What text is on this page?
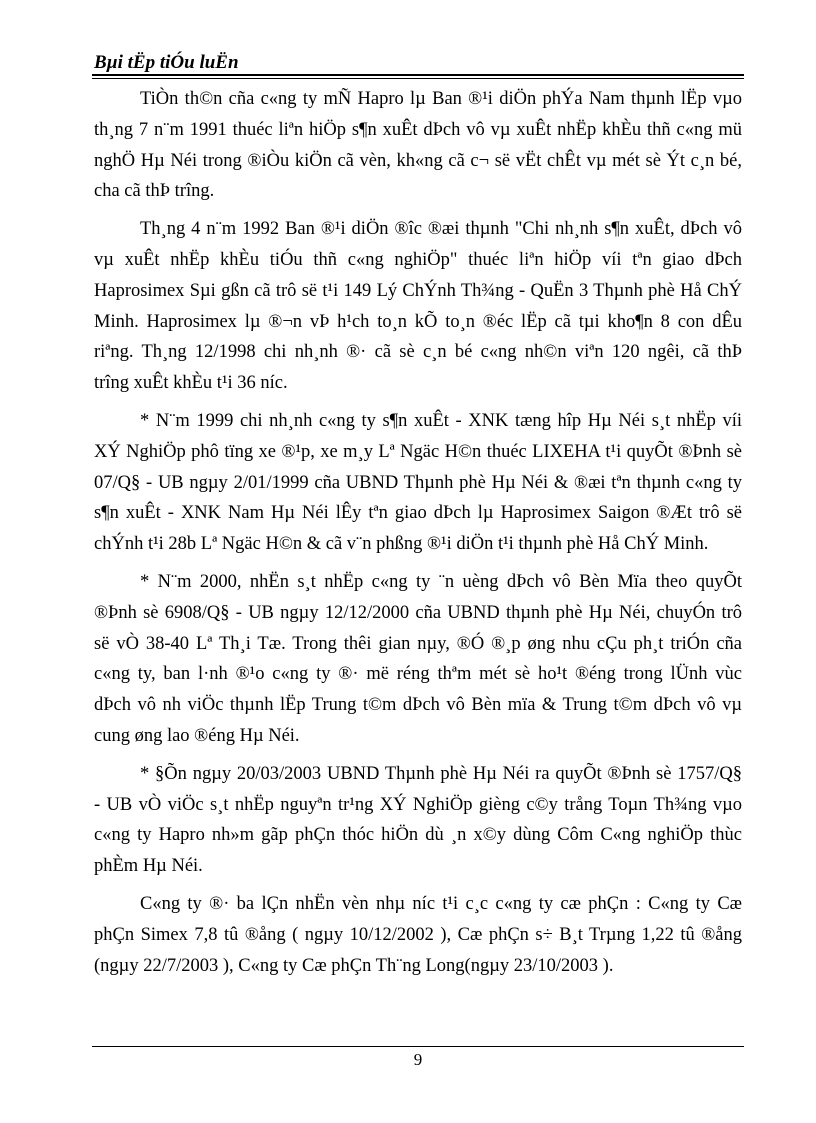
Bµi tËp tiÓu luËn
TiÒn th©n cña c«ng ty mÑ Hapro lµ Ban ®¹i diÖn phÝa Nam thµnh lËp vµo
th¸ng 7 n¨m 1991 thuéc liªn hiÖp s¶n xuÊt dÞch vô vµ xuÊt nhËp khÈu thñ c«ng mü
nghÖ Hµ Néi trong ®iÒu kiÖn cã vèn, kh«ng cã c¬ së vËt chÊt vµ mét sè Ýt c¸n bé,
cha cã thÞ trîng.
Th¸ng 4 n¨m 1992 Ban ®¹i diÖn ®îc ®æi thµnh "Chi nh¸nh s¶n xuÊt, dÞch vô
vµ xuÊt nhËp khÈu tiÓu thñ c«ng nghiÖp" thuéc liªn hiÖp víi tªn giao dÞch
Haprosimex Sµi gßn cã trô së t¹i 149 Lý ChÝnh Th¾ng - QuËn 3 Thµnh phè Hå ChÝ
Minh. Haprosimex lµ ®¬n vÞ h¹ch to¸n kÕ to¸n ®éc lËp cã tµi kho¶n 8 con dÊu
riªng. Th¸ng 12/1998 chi nh¸nh ®· cã sè c¸n bé c«ng nh©n viªn 120 ngêi, cã thÞ
trîng xuÊt khÈu t¹i 36 níc.
* N¨m 1999 chi nh¸nh c«ng ty s¶n xuÊt - XNK tæng hîp Hµ Néi s¸t nhËp víi
XÝ NghiÖp phô tïng xe ®¹p, xe m¸y Lª Ngäc H©n thuéc LIXEHA t¹i quyÕt ®Þnh sè
07/Q§ - UB ngµy 2/01/1999 cña UBND Thµnh phè Hµ Néi & ®æi tªn thµnh c«ng ty
s¶n xuÊt - XNK Nam Hµ Néi lÊy tªn giao dÞch lµ Haprosimex Saigon ®Æt trô së
chÝnh t¹i 28b Lª Ngäc H©n & cã v¨n phßng ®¹i diÖn t¹i thµnh phè Hå ChÝ Minh.
* N¨m 2000, nhËn s¸t nhËp c«ng ty ¨n uèng dÞch vô Bèn Mïa theo quyÕt
®Þnh sè 6908/Q§ - UB ngµy 12/12/2000 cña UBND thµnh phè Hµ Néi, chuyÓn trô
së vÒ 38-40 Lª Th¸i Tæ. Trong thêi gian nµy, ®Ó ®¸p øng nhu cÇu ph¸t triÓn cña
c«ng ty, ban l·nh ®¹o c«ng ty ®· më réng thªm mét sè ho¹t ®éng trong lÜnh vùc
dÞch vô nh viÖc thµnh lËp Trung t©m dÞch vô Bèn mïa & Trung t©m dÞch vô vµ
cung øng lao ®éng Hµ Néi.
* §Õn ngµy 20/03/2003 UBND Thµnh phè Hµ Néi ra quyÕt ®Þnh sè 1757/Q§
- UB vÒ viÖc s¸t nhËp nguyªn tr¹ng XÝ NghiÖp gièng c©y trång Toµn Th¾ng vµo
c«ng ty Hapro nh»m gãp phÇn thóc hiÖn dù ¸n x©y dùng Côm C«ng nghiÖp thùc
phÈm Hµ Néi.
C«ng ty ®· ba lÇn nhËn vèn nhµ níc t¹i c¸c c«ng ty cæ phÇn : C«ng ty Cæ
phÇn Simex 7,8 tû ®ång ( ngµy 10/12/2002 ), Cæ phÇn s÷ B¸t Trµng 1,22 tû ®ång
(ngµy 22/7/2003 ), C«ng ty Cæ phÇn Th¨ng Long(ngµy 23/10/2003 ).
9
